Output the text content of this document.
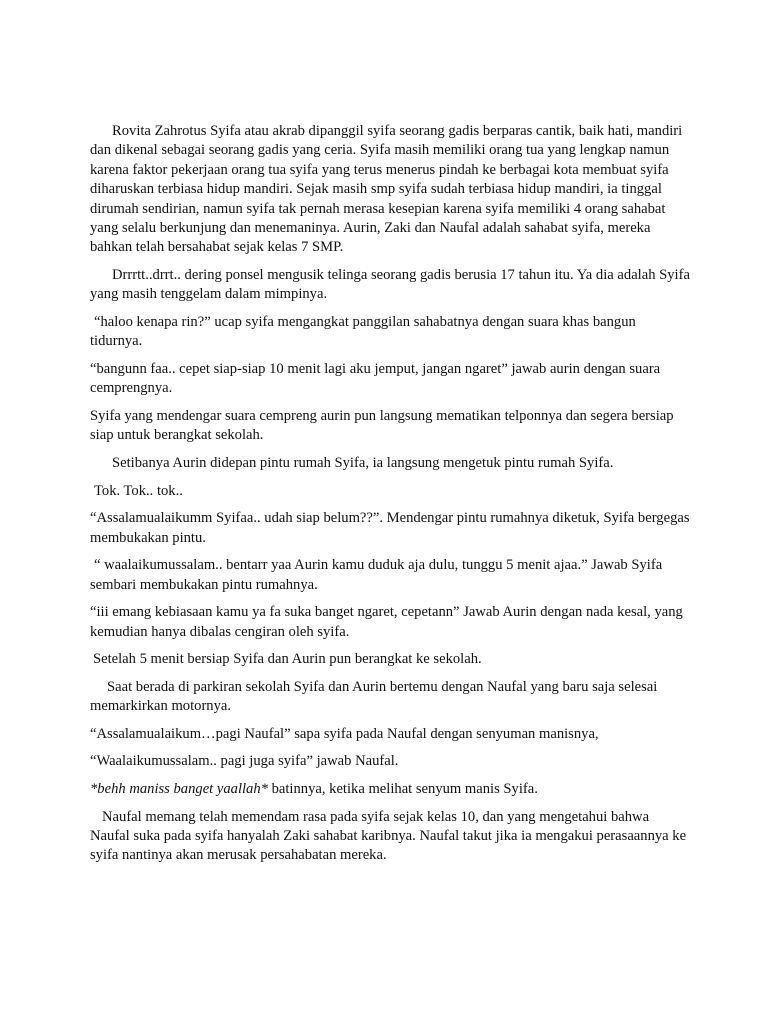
Rovita Zahrotus Syifa atau akrab dipanggil syifa seorang gadis berparas cantik, baik hati, mandiri dan dikenal sebagai seorang gadis yang ceria. Syifa masih memiliki orang tua yang lengkap namun karena faktor pekerjaan orang tua syifa yang terus menerus pindah ke berbagai kota membuat syifa diharuskan terbiasa hidup mandiri. Sejak masih smp syifa sudah terbiasa hidup mandiri, ia tinggal dirumah sendirian, namun syifa tak pernah merasa kesepian karena syifa memiliki 4 orang sahabat yang selalu berkunjung dan menemaninya. Aurin, Zaki dan Naufal adalah sahabat syifa, mereka bahkan telah bersahabat sejak kelas 7 SMP.

Drrrtt..drrt.. dering ponsel mengusik telinga seorang gadis berusia 17 tahun itu. Ya dia adalah Syifa yang masih tenggelam dalam mimpinya.

“haloo kenapa rin?” ucap syifa mengangkat panggilan sahabatnya dengan suara khas bangun tidurnya.

“bangunn faa.. cepet siap-siap 10 menit lagi aku jemput, jangan ngaret” jawab aurin dengan suara cemprengnya.

Syifa yang mendengar suara cempreng aurin pun langsung mematikan telponnya dan segera bersiap siap untuk berangkat sekolah.

Setibanya Aurin didepan pintu rumah Syifa, ia langsung mengetuk pintu rumah Syifa.

Tok. Tok.. tok..

“Assalamualaikumm Syifaa.. udah siap belum??”. Mendengar pintu rumahnya diketuk, Syifa bergegas membukakan pintu.

“ waalaikumussalam.. bentarr yaa Aurin kamu duduk aja dulu, tunggu 5 menit ajaa.” Jawab Syifa sembari membukakan pintu rumahnya.

“iii emang kebiasaan kamu ya fa suka banget ngaret, cepetann” Jawab Aurin dengan nada kesal, yang kemudian hanya dibalas cengiran oleh syifa.

Setelah 5 menit bersiap Syifa dan Aurin pun berangkat ke sekolah.

Saat berada di parkiran sekolah Syifa dan Aurin bertemu dengan Naufal yang baru saja selesai memarkirkan motornya.

“Assalamualaikum…pagi Naufal” sapa syifa pada Naufal dengan senyuman manisnya,

“Waalaikumussalam.. pagi juga syifa” jawab Naufal.

*behh maniss banget yaallah* batinnya, ketika melihat senyum manis Syifa.

Naufal memang telah memendam rasa pada syifa sejak kelas 10, dan yang mengetahui bahwa Naufal suka pada syifa hanyalah Zaki sahabat karibnya. Naufal takut jika ia mengakui perasaannya ke syifa nantinya akan merusak persahabatan mereka.
